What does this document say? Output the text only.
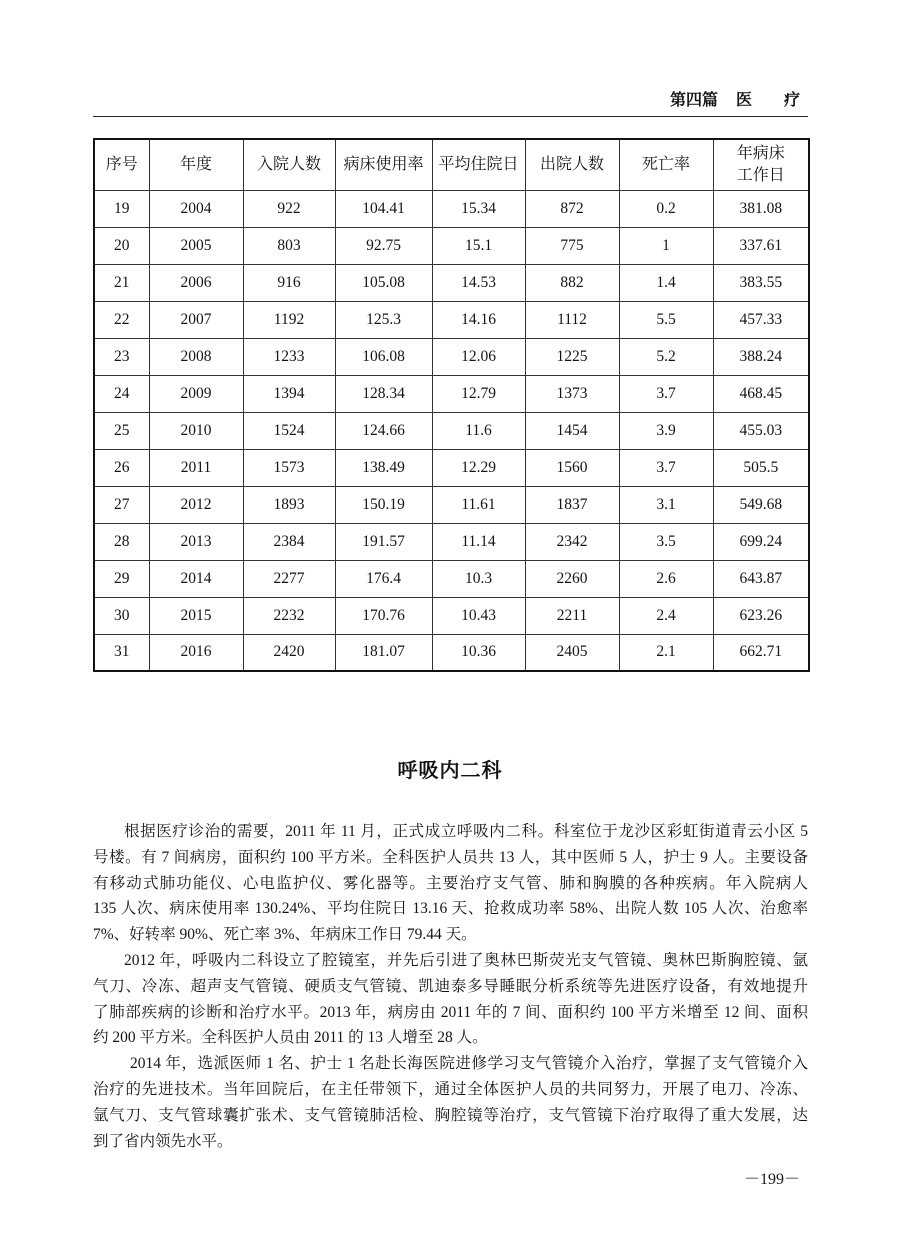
第四篇 医　疗
序号	年度	入院人数	病床使用率	平均住院日	出院人数	死亡率	年病床
工作日
19	2004	922	104.41	15.34	872	0.2	381.08
20	2005	803	92.75	15.1	775	1	337.61
21	2006	916	105.08	14.53	882	1.4	383.55
22	2007	1192	125.3	14.16	1112	5.5	457.33
23	2008	1233	106.08	12.06	1225	5.2	388.24
24	2009	1394	128.34	12.79	1373	3.7	468.45
25	2010	1524	124.66	11.6	1454	3.9	455.03
26	2011	1573	138.49	12.29	1560	3.7	505.5
27	2012	1893	150.19	11.61	1837	3.1	549.68
28	2013	2384	191.57	11.14	2342	3.5	699.24
29	2014	2277	176.4	10.3	2260	2.6	643.87
30	2015	2232	170.76	10.43	2211	2.4	623.26
31	2016	2420	181.07	10.36	2405	2.1	662.71
呼吸内二科
根据医疗诊治的需要，2011 年 11 月，正式成立呼吸内二科。科室位于龙沙区彩虹街道青云小区 5
号楼。有 7 间病房，面积约 100 平方米。全科医护人员共 13 人，其中医师 5 人，护士 9 人。主要设备
有移动式肺功能仪、心电监护仪、雾化器等。主要治疗支气管、肺和胸膜的各种疾病。年入院病人
135 人次、病床使用率 130.24%、平均住院日 13.16 天、抢救成功率 58%、出院人数 105 人次、治愈率
7%、好转率 90%、死亡率 3%、年病床工作日 79.44 天。
2012 年，呼吸内二科设立了腔镜室，并先后引进了奥林巴斯荧光支气管镜、奥林巴斯胸腔镜、氩
气刀、冷冻、超声支气管镜、硬质支气管镜、凯迪泰多导睡眠分析系统等先进医疗设备，有效地提升
了肺部疾病的诊断和治疗水平。2013 年，病房由 2011 年的 7 间、面积约 100 平方米增至 12 间、面积
约 200 平方米。全科医护人员由 2011 的 13 人增至 28 人。
2014 年，选派医师 1 名、护士 1 名赴长海医院进修学习支气管镜介入治疗，掌握了支气管镜介入
治疗的先进技术。当年回院后，在主任带领下，通过全体医护人员的共同努力，开展了电刀、冷冻、
氩气刀、支气管球囊扩张术、支气管镜肺活检、胸腔镜等治疗，支气管镜下治疗取得了重大发展，达
到了省内领先水平。
－199－
